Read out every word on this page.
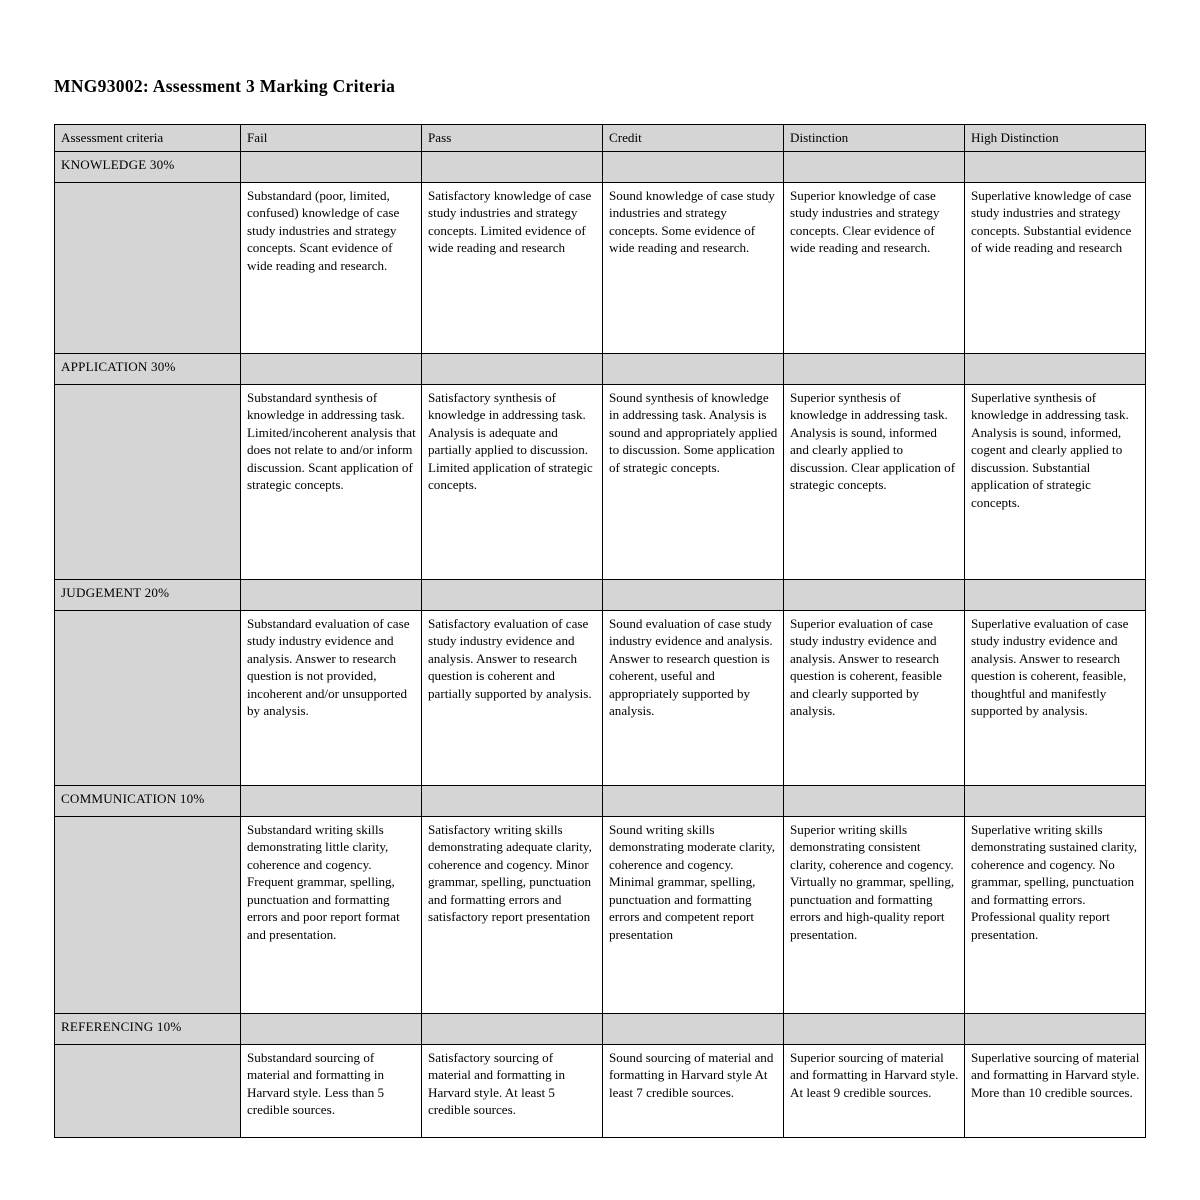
MNG93002: Assessment 3 Marking Criteria
Assessment criteria	Fail	Pass	Credit	Distinction	High Distinction
KNOWLEDGE 30%					
	Substandard (poor, limited, confused) knowledge of case study industries and strategy concepts. Scant evidence of wide reading and research.	Satisfactory knowledge of case study industries and strategy concepts. Limited evidence of wide reading and research	Sound knowledge of case study industries and strategy concepts. Some evidence of wide reading and research.	Superior knowledge of case study industries and strategy concepts. Clear evidence of wide reading and research.	Superlative knowledge of case study industries and strategy concepts. Substantial evidence of wide reading and research
APPLICATION 30%					
	Substandard synthesis of knowledge in addressing task. Limited/incoherent analysis that does not relate to and/or inform discussion. Scant application of strategic concepts.	Satisfactory synthesis of knowledge in addressing task. Analysis is adequate and partially applied to discussion. Limited application of strategic concepts.	Sound synthesis of knowledge in addressing task. Analysis is sound and appropriately applied to discussion. Some application of strategic concepts.	Superior synthesis of knowledge in addressing task. Analysis is sound, informed and clearly applied to discussion. Clear application of strategic concepts.	Superlative synthesis of knowledge in addressing task. Analysis is sound, informed, cogent and clearly applied to discussion. Substantial application of strategic concepts.
JUDGEMENT 20%					
	Substandard evaluation of case study industry evidence and analysis. Answer to research question is not provided, incoherent and/or unsupported by analysis.	Satisfactory evaluation of case study industry evidence and analysis. Answer to research question is coherent and partially supported by analysis.	Sound evaluation of case study industry evidence and analysis. Answer to research question is coherent, useful and appropriately supported by analysis.	Superior evaluation of case study industry evidence and analysis. Answer to research question is coherent, feasible and clearly supported by analysis.	Superlative evaluation of case study industry evidence and analysis. Answer to research question is coherent, feasible, thoughtful and manifestly supported by analysis.
COMMUNICATION 10%					
	Substandard writing skills demonstrating little clarity, coherence and cogency. Frequent grammar, spelling, punctuation and formatting errors and poor report format and presentation.	Satisfactory writing skills demonstrating adequate clarity, coherence and cogency. Minor grammar, spelling, punctuation and formatting errors and satisfactory report presentation	Sound writing skills demonstrating moderate clarity, coherence and cogency. Minimal grammar, spelling, punctuation and formatting errors and competent report presentation	Superior writing skills demonstrating consistent clarity, coherence and cogency. Virtually no grammar, spelling, punctuation and formatting errors and high-quality report presentation.	Superlative writing skills demonstrating sustained clarity, coherence and cogency. No grammar, spelling, punctuation and formatting errors. Professional quality report presentation.
REFERENCING 10%					
	Substandard sourcing of material and formatting in Harvard style. Less than 5 credible sources.	Satisfactory sourcing of material and formatting in Harvard style. At least 5 credible sources.	Sound sourcing of material and formatting in Harvard style At least 7 credible sources.	Superior sourcing of material and formatting in Harvard style. At least 9 credible sources.	Superlative sourcing of material and formatting in Harvard style. More than 10 credible sources.
